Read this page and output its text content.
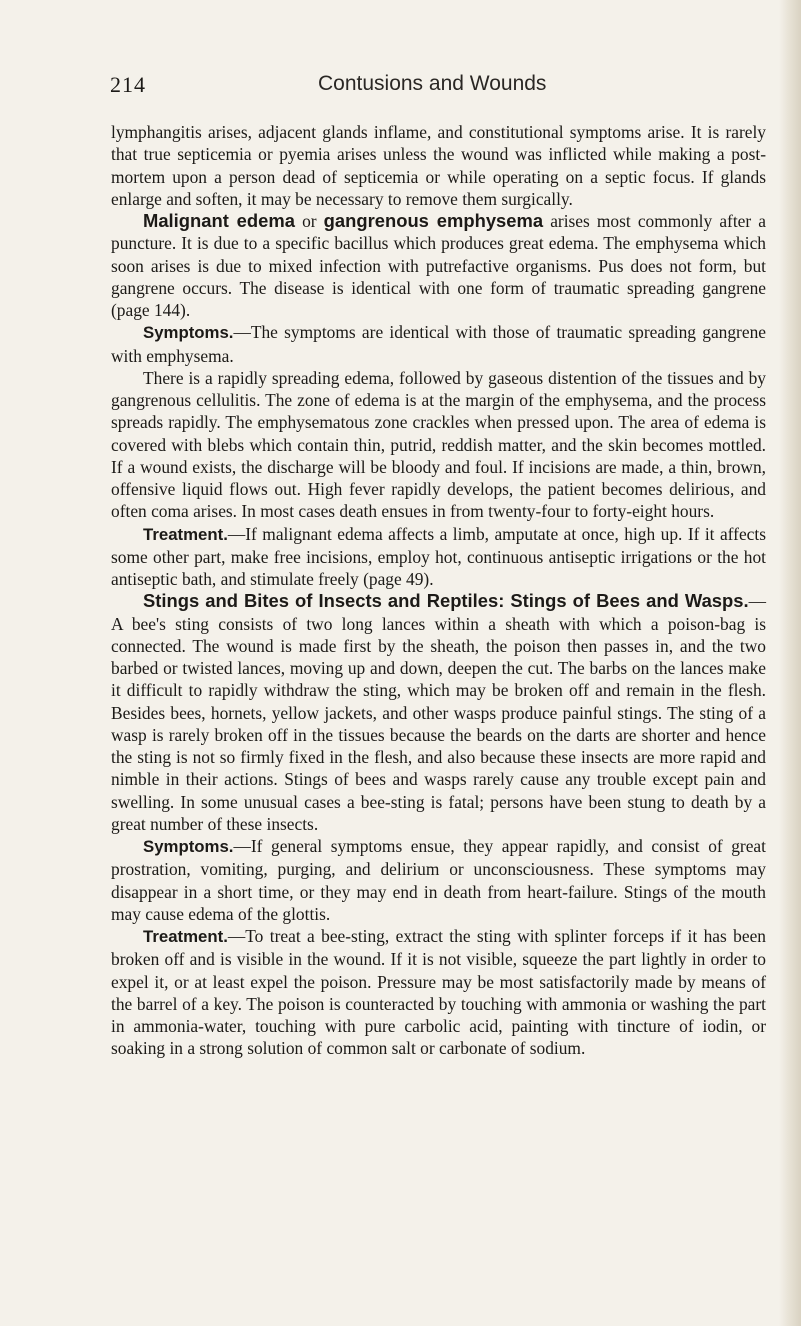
214	Contusions and Wounds

lymphangitis arises, adjacent glands inflame, and constitutional symptoms arise. It is rarely that true septicemia or pyemia arises unless the wound was inflicted while making a post-mortem upon a person dead of septicemia or while operating on a septic focus. If glands enlarge and soften, it may be necessary to remove them surgically.

Malignant edema or gangrenous emphysema arises most commonly after a puncture. It is due to a specific bacillus which produces great edema. The emphysema which soon arises is due to mixed infection with putrefactive organisms. Pus does not form, but gangrene occurs. The disease is identical with one form of traumatic spreading gangrene (page 144).

Symptoms.—The symptoms are identical with those of traumatic spreading gangrene with emphysema.

There is a rapidly spreading edema, followed by gaseous distention of the tissues and by gangrenous cellulitis. The zone of edema is at the margin of the emphysema, and the process spreads rapidly. The emphysematous zone crackles when pressed upon. The area of edema is covered with blebs which contain thin, putrid, reddish matter, and the skin becomes mottled. If a wound exists, the discharge will be bloody and foul. If incisions are made, a thin, brown, offensive liquid flows out. High fever rapidly develops, the patient becomes delirious, and often coma arises. In most cases death ensues in from twenty-four to forty-eight hours.

Treatment.—If malignant edema affects a limb, amputate at once, high up. If it affects some other part, make free incisions, employ hot, continuous antiseptic irrigations or the hot antiseptic bath, and stimulate freely (page 49).

Stings and Bites of Insects and Reptiles: Stings of Bees and Wasps.—A bee's sting consists of two long lances within a sheath with which a poison-bag is connected. The wound is made first by the sheath, the poison then passes in, and the two barbed or twisted lances, moving up and down, deepen the cut. The barbs on the lances make it difficult to rapidly withdraw the sting, which may be broken off and remain in the flesh. Besides bees, hornets, yellow jackets, and other wasps produce painful stings. The sting of a wasp is rarely broken off in the tissues because the beards on the darts are shorter and hence the sting is not so firmly fixed in the flesh, and also because these insects are more rapid and nimble in their actions. Stings of bees and wasps rarely cause any trouble except pain and swelling. In some unusual cases a bee-sting is fatal; persons have been stung to death by a great number of these insects.

Symptoms.—If general symptoms ensue, they appear rapidly, and consist of great prostration, vomiting, purging, and delirium or unconsciousness. These symptoms may disappear in a short time, or they may end in death from heart-failure. Stings of the mouth may cause edema of the glottis.

Treatment.—To treat a bee-sting, extract the sting with splinter forceps if it has been broken off and is visible in the wound. If it is not visible, squeeze the part lightly in order to expel it, or at least expel the poison. Pressure may be most satisfactorily made by means of the barrel of a key. The poison is counteracted by touching with ammonia or washing the part in ammonia-water, touching with pure carbolic acid, painting with tincture of iodin, or soaking in a strong solution of common salt or carbonate of sodium.
